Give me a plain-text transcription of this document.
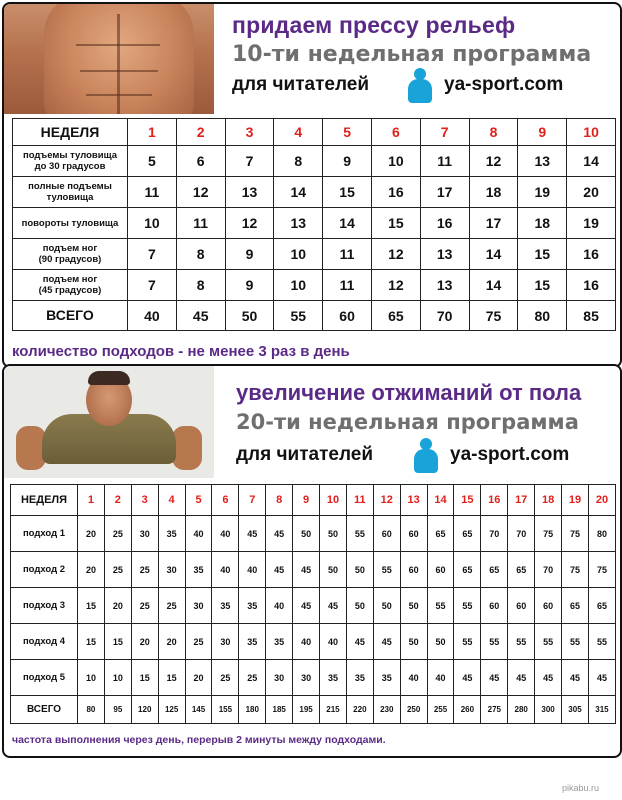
придаем прессу рельеф
10-ти недельная программа
для читателей	ya-sport.com
НЕДЕЛЯ	1	2	3	4	5	6	7	8	9	10

подъемы туловища
до 30 градусов	5	6	7	8	9	10	11	12	13	14

полные подъемы
туловища	11	12	13	14	15	16	17	18	19	20

повороты туловища	10	11	12	13	14	15	16	17	18	19

подъем ног
(90 градусов)	7	8	9	10	11	12	13	14	15	16

подъем ног
(45 градусов)	7	8	9	10	11	12	13	14	15	16
ВСЕГО	40	45	50	55	60	65	70	75	80	85
количество подходов - не менее 3 раз в день
увеличение отжиманий от пола
20-ти недельная программа
для читателей	ya-sport.com
НЕДЕЛЯ	1	2	3	4	5	6	7	8	9	10	11	12	13	14	15	16	17	18	19	20
подход 1	20	25	30	35	40	40	45	45	50	50	55	60	60	65	65	70	70	75	75	80
подход 2	20	25	25	30	35	40	40	45	45	50	50	55	60	60	65	65	65	70	75	75
подход 3	15	20	25	25	30	35	35	40	45	45	50	50	50	55	55	60	60	60	65	65
подход 4	15	15	20	20	25	30	35	35	40	40	45	45	50	50	55	55	55	55	55	55
подход 5	10	10	15	15	20	25	25	30	30	35	35	35	40	40	45	45	45	45	45	45
ВСЕГО	80	95	120	125	145	155	180	185	195	215	220	230	250	255	260	275	280	300	305	315
частота выполнения через день, перерыв 2 минуты между подходами.
pikabu.ru
